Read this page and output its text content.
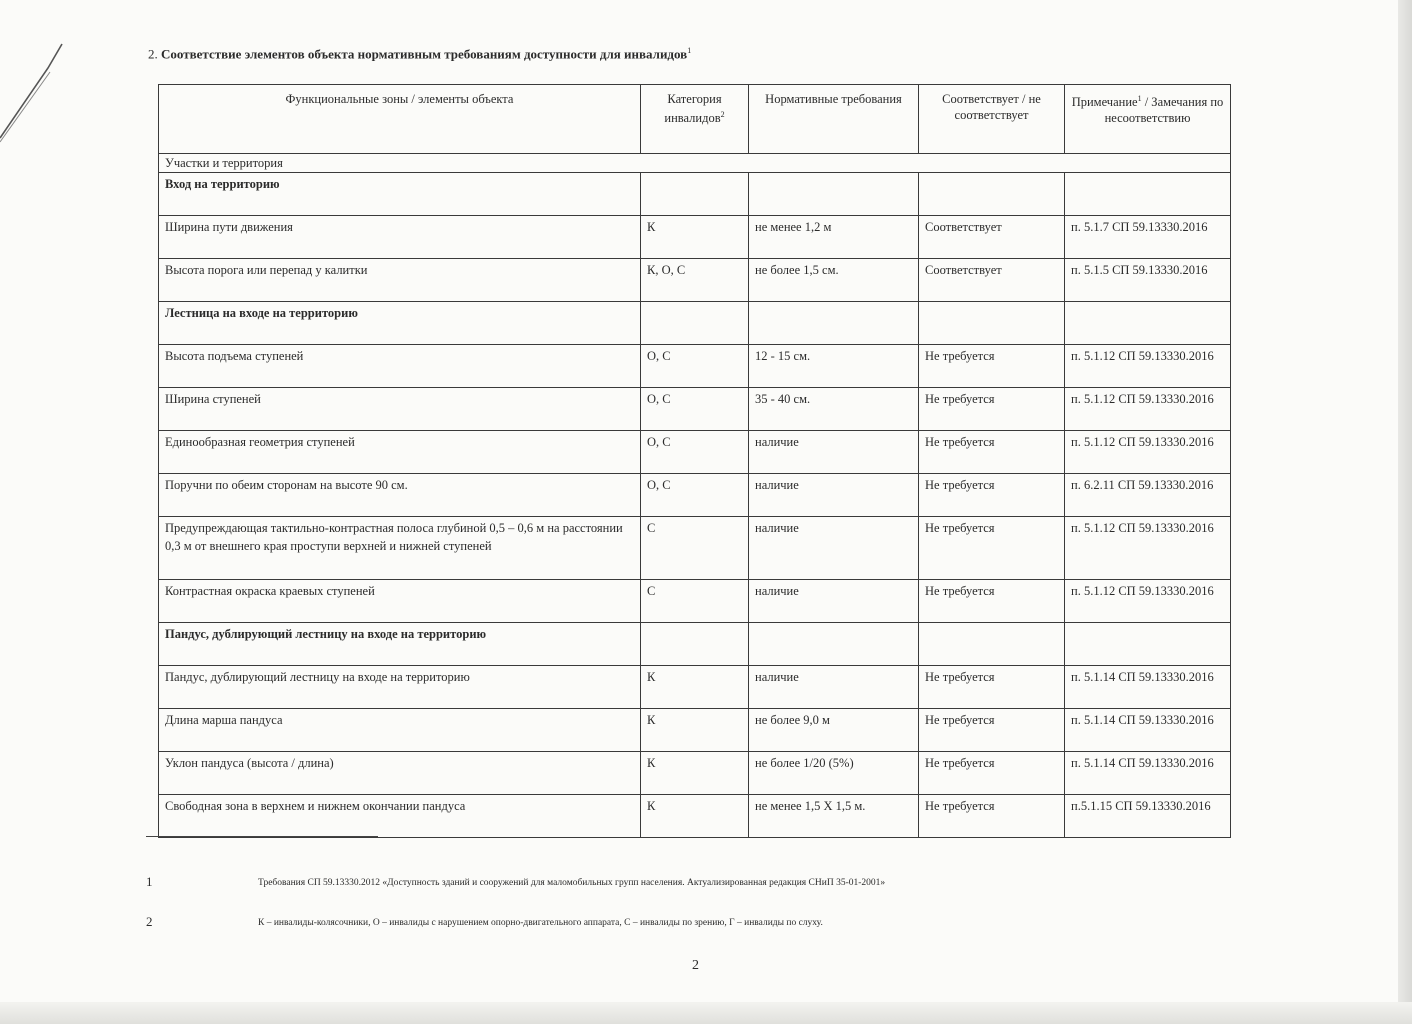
2. Соответствие элементов объекта нормативным требованиям доступности для инвалидов$^1$
Функциональные зоны / элементы объекта	Категория инвалидов$^2$	Нормативные требования	Соответствует / не соответствует	Примечание$^1$ / Замечания по несоответствию
Участки и территория				
Вход на территорию				
Ширина пути движения	К	не менее 1,2 м	Соответствует	п. 5.1.7 СП 59.13330.2016
Высота порога или перепад у калитки	К, О, С	не более 1,5 см.	Соответствует	п. 5.1.5 СП 59.13330.2016
Лестница на входе на территорию				
Высота подъема ступеней	О, С	12 - 15 см.	Не требуется	п. 5.1.12 СП 59.13330.2016
Ширина ступеней	О, С	35 - 40 см.	Не требуется	п. 5.1.12 СП 59.13330.2016
Единообразная геометрия ступеней	О, С	наличие	Не требуется	п. 5.1.12 СП 59.13330.2016
Поручни по обеим сторонам на высоте 90 см.	О, С	наличие	Не требуется	п. 6.2.11 СП 59.13330.2016
Предупреждающая тактильно-контрастная полоса глубиной 0,5 – 0,6 м на расстоянии 0,3 м от внешнего края проступи верхней и нижней ступеней	С	наличие	Не требуется	п. 5.1.12 СП 59.13330.2016
Контрастная окраска краевых ступеней	С	наличие	Не требуется	п. 5.1.12 СП 59.13330.2016
Пандус, дублирующий лестницу на входе на территорию				
Пандус, дублирующий лестницу на входе на территорию	К	наличие	Не требуется	п. 5.1.14 СП 59.13330.2016
Длина марша пандуса	К	не более 9,0 м	Не требуется	п. 5.1.14 СП 59.13330.2016
Уклон пандуса (высота / длина)	К	не более 1/20 (5%)	Не требуется	п. 5.1.14 СП 59.13330.2016
Свободная зона в верхнем и нижнем окончании пандуса	К	не менее 1,5 Х 1,5 м.	Не требуется	п.5.1.15 СП 59.13330.2016
1	Требования СП 59.13330.2012 «Доступность зданий и сооружений для маломобильных групп населения. Актуализированная редакция СНиП 35-01-2001»
2	К – инвалиды-колясочники, О – инвалиды с нарушением опорно-двигательного аппарата, С – инвалиды по зрению, Г – инвалиды по слуху.
2
